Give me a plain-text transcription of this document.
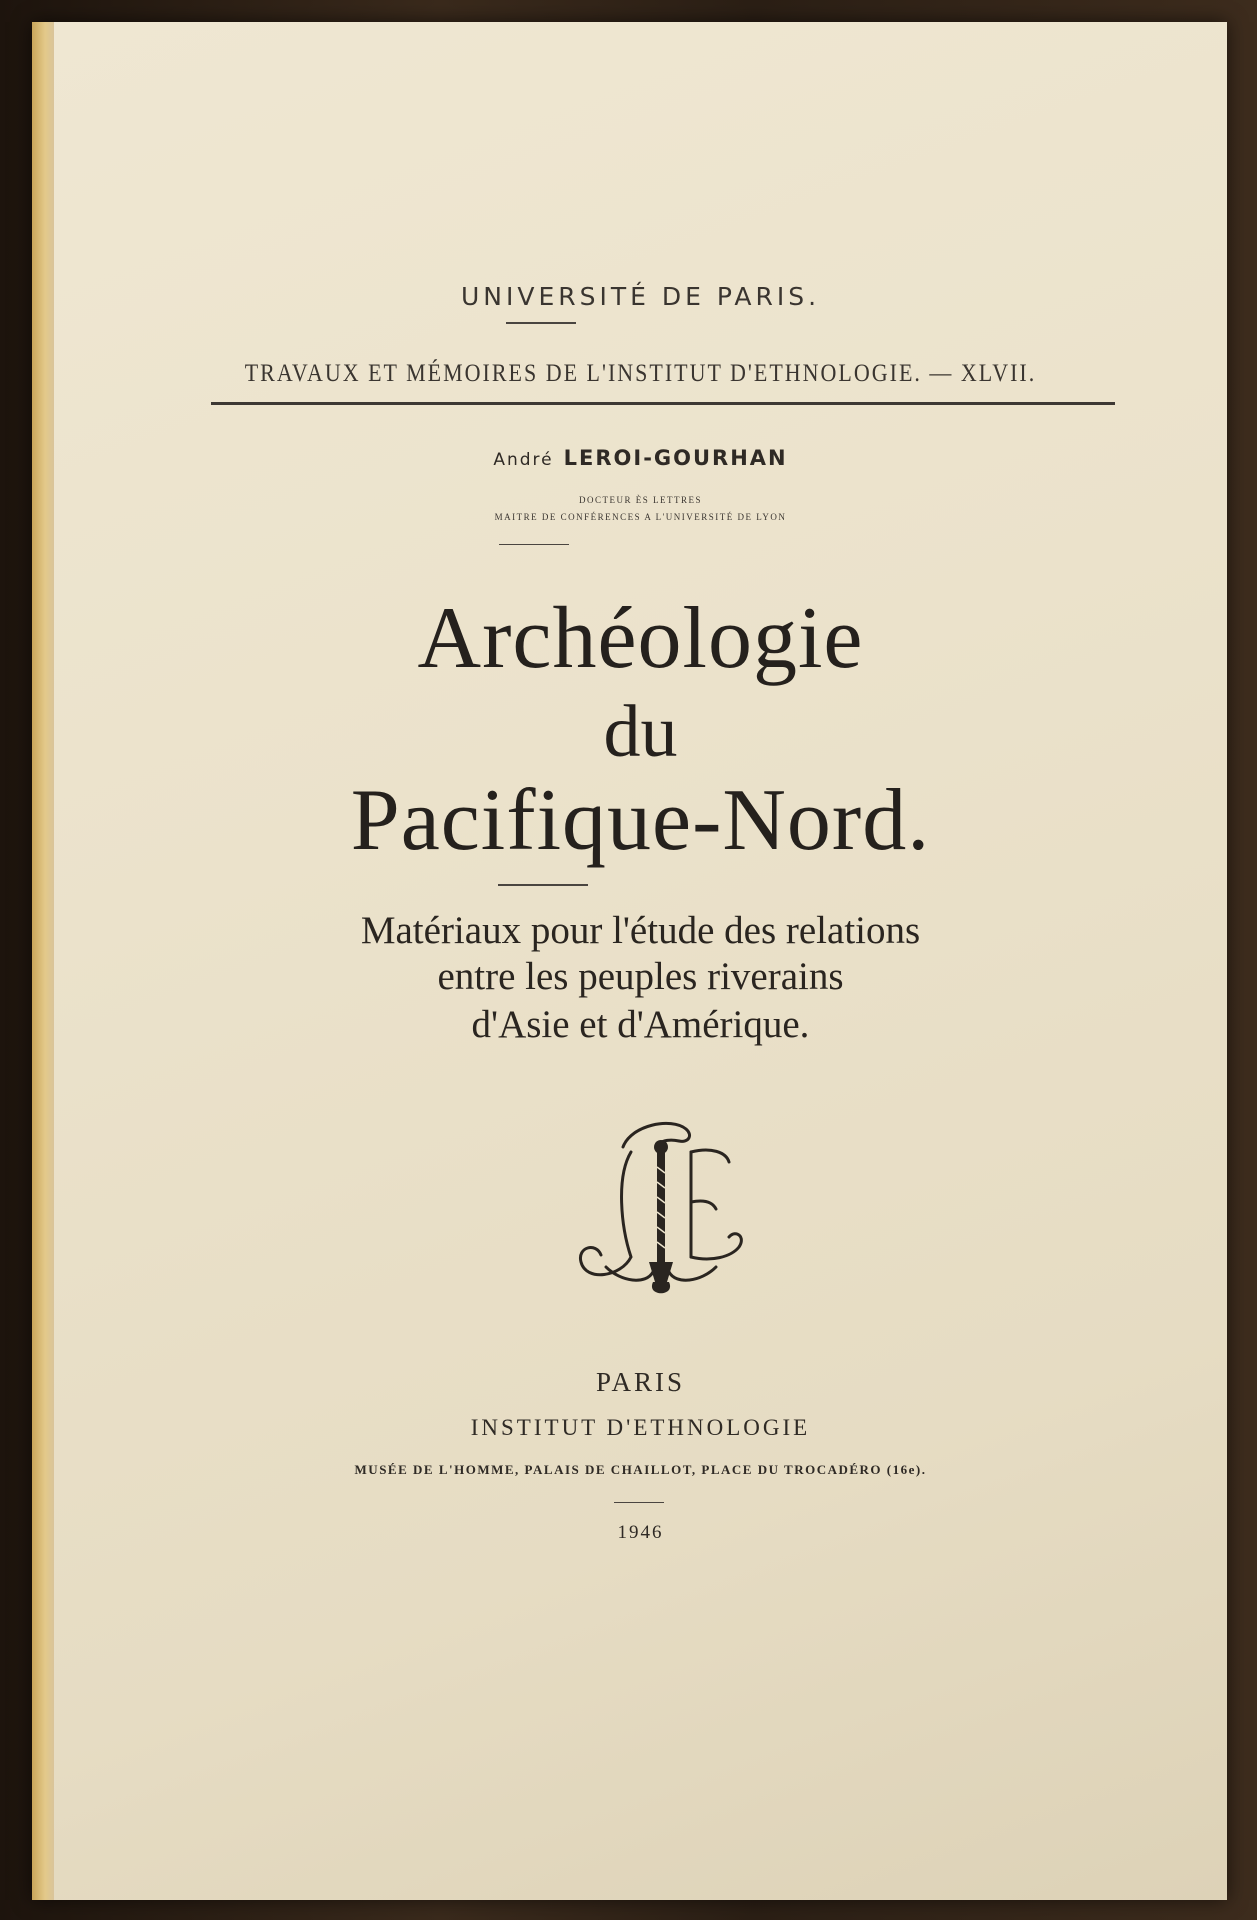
UNIVERSITÉ DE PARIS.
TRAVAUX ET MÉMOIRES DE L'INSTITUT D'ETHNOLOGIE. — XLVII.
André LEROI-GOURHAN
DOCTEUR ÈS LETTRES
MAITRE DE CONFÉRENCES A L'UNIVERSITÉ DE LYON
Archéologie
du
Pacifique-Nord.
Matériaux pour l'étude des relations
entre les peuples riverains
d'Asie et d'Amérique.
PARIS
INSTITUT D'ETHNOLOGIE
MUSÉE DE L'HOMME, PALAIS DE CHAILLOT, PLACE DU TROCADÉRO (16e).
1946
